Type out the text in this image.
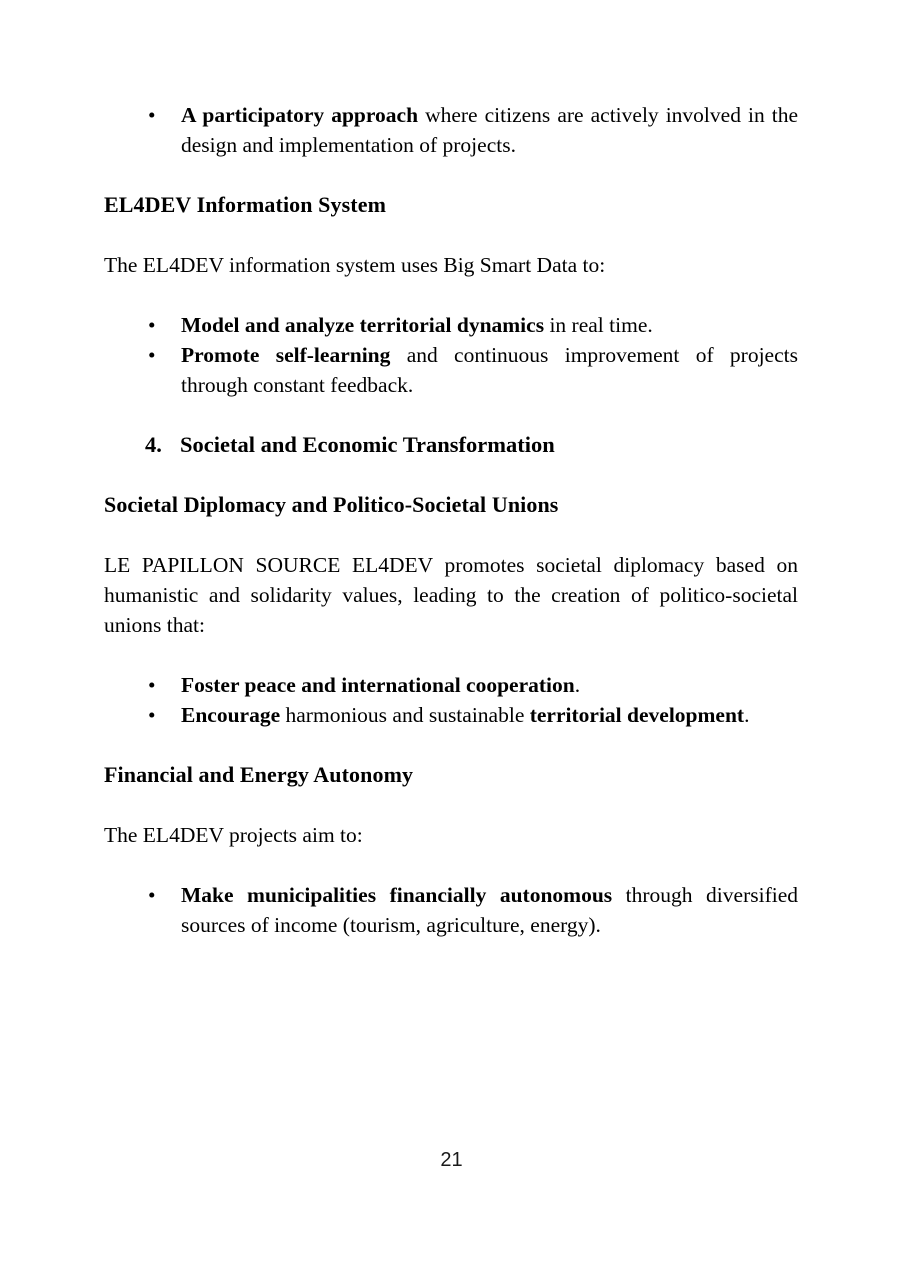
• A participatory approach where citizens are actively involved in the design and implementation of projects.
EL4DEV Information System

The EL4DEV information system uses Big Smart Data to:

• Model and analyze territorial dynamics in real time.
• Promote self-learning and continuous improvement of projects through constant feedback.
4. Societal and Economic Transformation
Societal Diplomacy and Politico-Societal Unions

LE PAPILLON SOURCE EL4DEV promotes societal diplomacy based on humanistic and solidarity values, leading to the creation of politico-societal unions that:

• Foster peace and international cooperation.
• Encourage harmonious and sustainable territorial development.
Financial and Energy Autonomy

The EL4DEV projects aim to:

• Make municipalities financially autonomous through diversified sources of income (tourism, agriculture, energy).
21
